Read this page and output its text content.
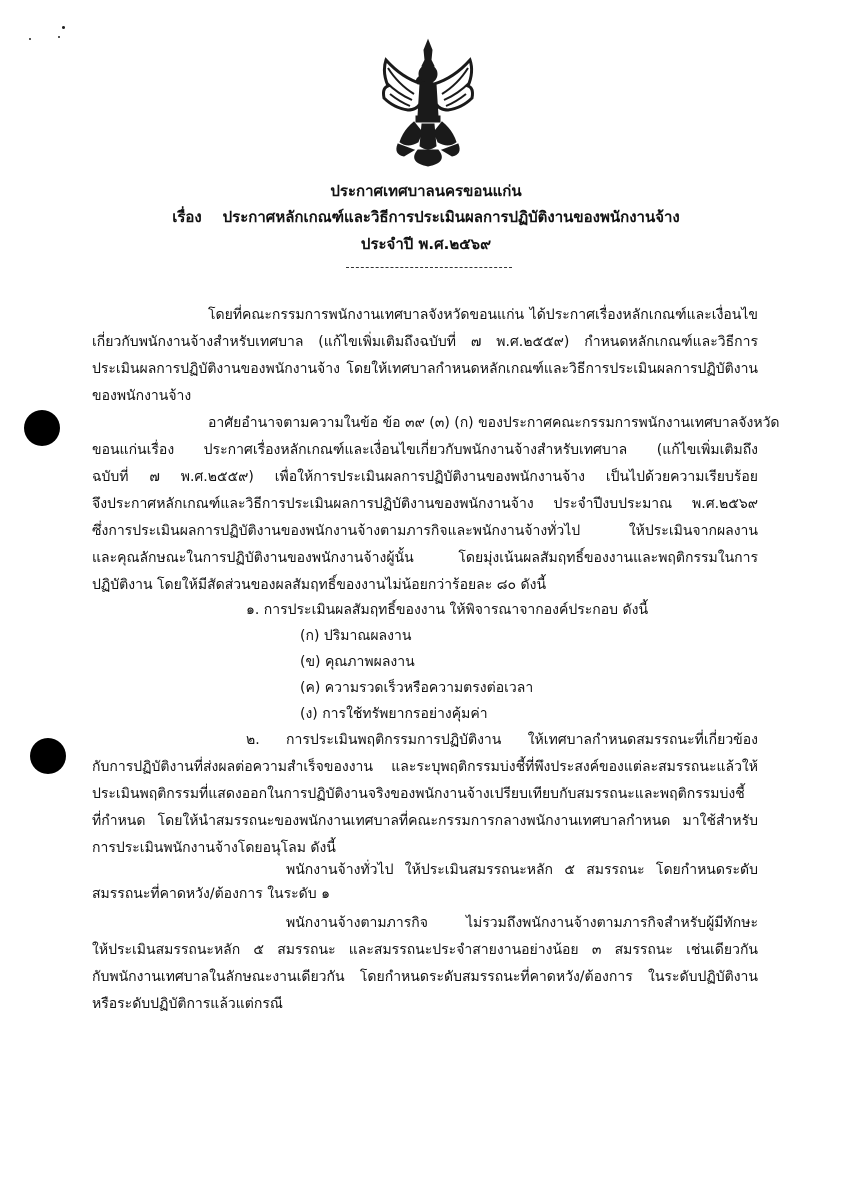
ประกาศเทศบาลนครขอนแก่น
เรื่อง ประกาศหลักเกณฑ์และวิธีการประเมินผลการปฏิบัติงานของพนักงานจ้าง
ประจำปี พ.ศ.๒๕๖๙
โดยที่คณะกรรมการพนักงานเทศบาลจังหวัดขอนแก่น ได้ประกาศเรื่องหลักเกณฑ์และเงื่อนไข
เกี่ยวกับพนักงานจ้างสำหรับเทศบาล (แก้ไขเพิ่มเติมถึงฉบับที่ ๗ พ.ศ.๒๕๕๙) กำหนดหลักเกณฑ์และวิธีการ
ประเมินผลการปฏิบัติงานของพนักงานจ้าง โดยให้เทศบาลกำหนดหลักเกณฑ์และวิธีการประเมินผลการปฏิบัติงาน
ของพนักงานจ้าง
อาศัยอำนาจตามความในข้อ ข้อ ๓๙ (๓) (ก) ของประกาศคณะกรรมการพนักงานเทศบาลจังหวัด
ขอนแก่นเรื่อง ประกาศเรื่องหลักเกณฑ์และเงื่อนไขเกี่ยวกับพนักงานจ้างสำหรับเทศบาล (แก้ไขเพิ่มเติมถึง
ฉบับที่ ๗ พ.ศ.๒๕๕๙) เพื่อให้การประเมินผลการปฏิบัติงานของพนักงานจ้าง เป็นไปด้วยความเรียบร้อย
จึงประกาศหลักเกณฑ์และวิธีการประเมินผลการปฏิบัติงานของพนักงานจ้าง ประจำปีงบประมาณ พ.ศ.๒๕๖๙
ซึ่งการประเมินผลการปฏิบัติงานของพนักงานจ้างตามภารกิจและพนักงานจ้างทั่วไป ให้ประเมินจากผลงาน
และคุณลักษณะในการปฏิบัติงานของพนักงานจ้างผู้นั้น โดยมุ่งเน้นผลสัมฤทธิ์ของงานและพฤติกรรมในการ
ปฏิบัติงาน โดยให้มีสัดส่วนของผลสัมฤทธิ์ของงานไม่น้อยกว่าร้อยละ ๘๐ ดังนี้
๑. การประเมินผลสัมฤทธิ์ของงาน ให้พิจารณาจากองค์ประกอบ ดังนี้
(ก) ปริมาณผลงาน
(ข) คุณภาพผลงาน
(ค) ความรวดเร็วหรือความตรงต่อเวลา
(ง) การใช้ทรัพยากรอย่างคุ้มค่า
๒. การประเมินพฤติกรรมการปฏิบัติงาน ให้เทศบาลกำหนดสมรรถนะที่เกี่ยวข้อง
กับการปฏิบัติงานที่ส่งผลต่อความสำเร็จของงาน และระบุพฤติกรรมบ่งชี้ที่พึงประสงค์ของแต่ละสมรรถนะแล้วให้
ประเมินพฤติกรรมที่แสดงออกในการปฏิบัติงานจริงของพนักงานจ้างเปรียบเทียบกับสมรรถนะและพฤติกรรมบ่งชี้
ที่กำหนด โดยให้นำสมรรถนะของพนักงานเทศบาลที่คณะกรรมการกลางพนักงานเทศบาลกำหนด มาใช้สำหรับ
การประเมินพนักงานจ้างโดยอนุโลม ดังนี้
พนักงานจ้างทั่วไป ให้ประเมินสมรรถนะหลัก ๕ สมรรถนะ โดยกำหนดระดับ
สมรรถนะที่คาดหวัง/ต้องการ ในระดับ ๑
พนักงานจ้างตามภารกิจ ไม่รวมถึงพนักงานจ้างตามภารกิจสำหรับผู้มีทักษะ
ให้ประเมินสมรรถนะหลัก ๕ สมรรถนะ และสมรรถนะประจำสายงานอย่างน้อย ๓ สมรรถนะ เช่นเดียวกัน
กับพนักงานเทศบาลในลักษณะงานเดียวกัน โดยกำหนดระดับสมรรถนะที่คาดหวัง/ต้องการ ในระดับปฏิบัติงาน
หรือระดับปฏิบัติการแล้วแต่กรณี
